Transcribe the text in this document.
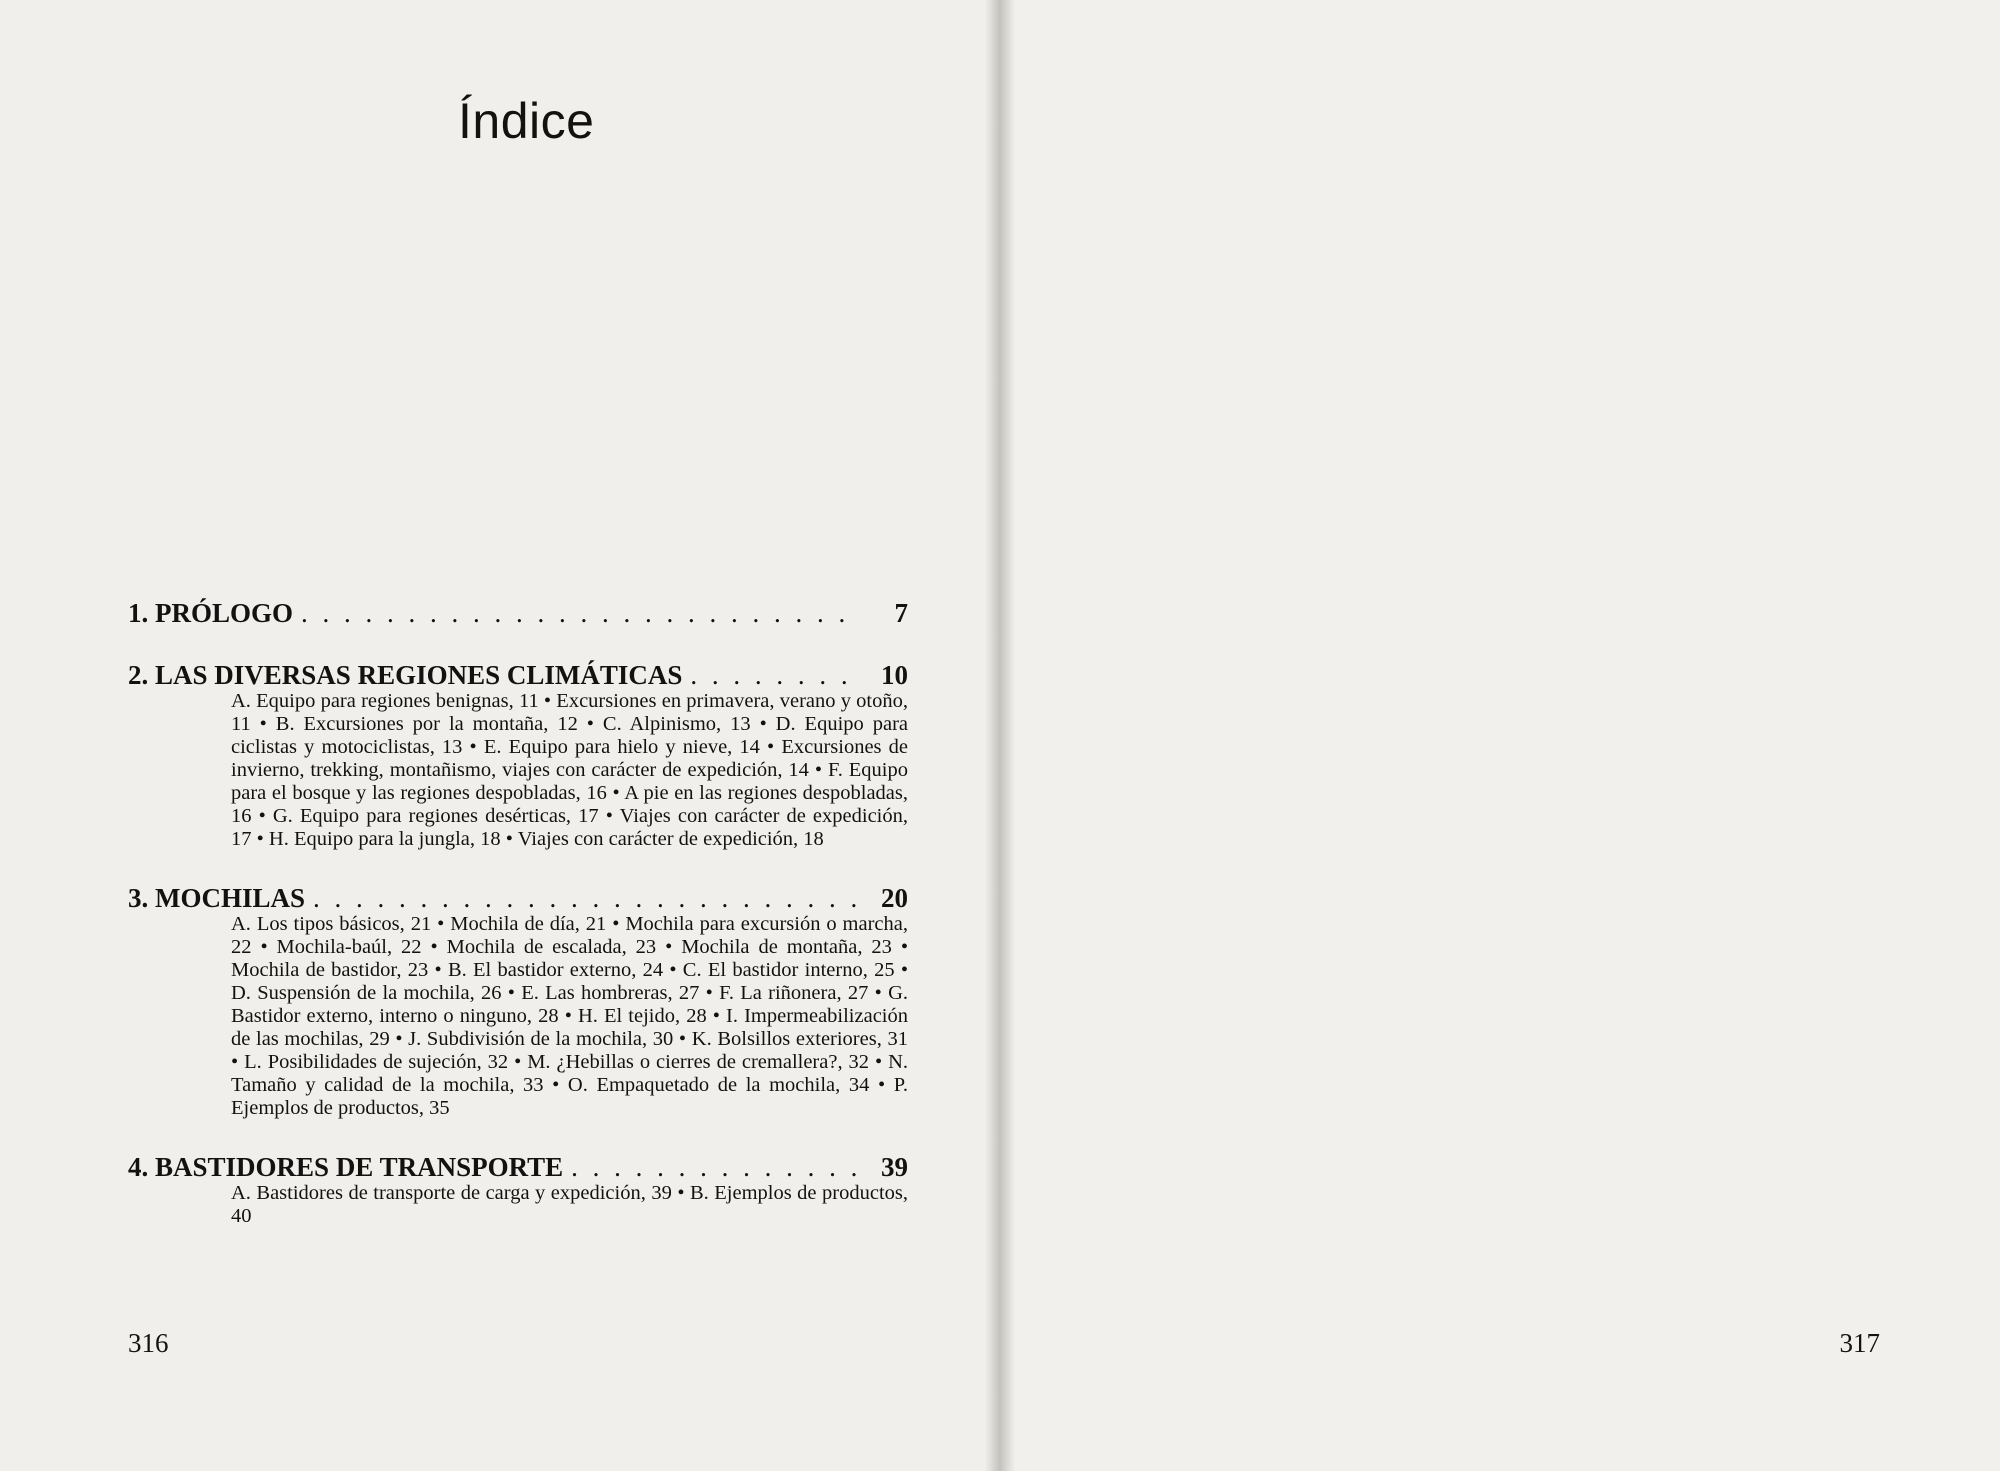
Índice
1. PRÓLOGO . . .	7
2. LAS DIVERSAS REGIONES CLIMÁTICAS . . .	10
A. Equipo para regiones benignas, 11 • Excursiones en primavera, verano y otoño, 11 • B. Excursiones por la montaña, 12 • C. Alpinismo, 13 • D. Equipo para ciclistas y motociclistas, 13 • E. Equipo para hielo y nieve, 14 • Excursiones de invierno, trekking, montañismo, viajes con carácter de expedición, 14 • F. Equipo para el bosque y las regiones despobladas, 16 • A pie en las regiones despobladas, 16 • G. Equipo para regiones desérticas, 17 • Viajes con carácter de expedición, 17 • H. Equipo para la jungla, 18 • Viajes con carácter de expedición, 18
3. MOCHILAS . . .	20
A. Los tipos básicos, 21 • Mochila de día, 21 • Mochila para excursión o marcha, 22 • Mochila-baúl, 22 • Mochila de escalada, 23 • Mochila de montaña, 23 • Mochila de bastidor, 23 • B. El bastidor externo, 24 • C. El bastidor interno, 25 • D. Suspensión de la mochila, 26 • E. Las hombreras, 27 • F. La riñonera, 27 • G. Bastidor externo, interno o ninguno, 28 • H. El tejido, 28 • I. Impermeabilización de las mochilas, 29 • J. Subdivisión de la mochila, 30 • K. Bolsillos exteriores, 31 • L. Posibilidades de sujeción, 32 • M. ¿Hebillas o cierres de cremallera?, 32 • N. Tamaño y calidad de la mochila, 33 • O. Empaquetado de la mochila, 34 • P. Ejemplos de productos, 35
4. BASTIDORES DE TRANSPORTE . . .	39
A. Bastidores de transporte de carga y expedición, 39 • B. Ejemplos de productos, 40
316	317
